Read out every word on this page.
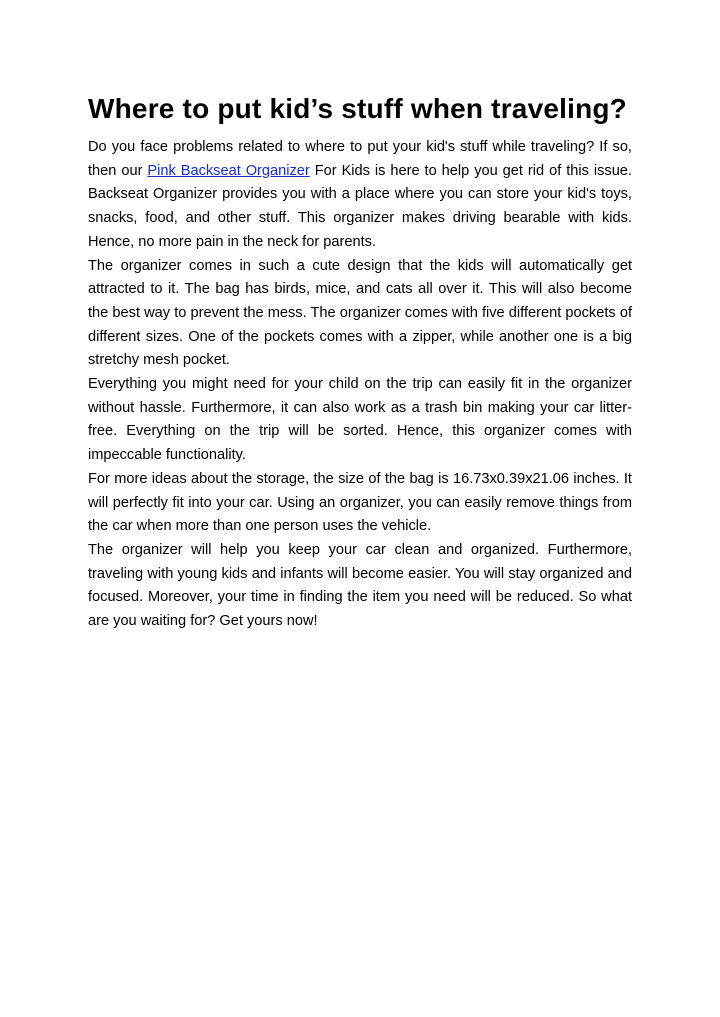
Where to put kid’s stuff when traveling?

Do you face problems related to where to put your kid's stuff while traveling? If so, then our Pink Backseat Organizer For Kids is here to help you get rid of this issue. Backseat Organizer provides you with a place where you can store your kid's toys, snacks, food, and other stuff. This organizer makes driving bearable with kids. Hence, no more pain in the neck for parents.

The organizer comes in such a cute design that the kids will automatically get attracted to it. The bag has birds, mice, and cats all over it. This will also become the best way to prevent the mess. The organizer comes with five different pockets of different sizes. One of the pockets comes with a zipper, while another one is a big stretchy mesh pocket.

Everything you might need for your child on the trip can easily fit in the organizer without hassle. Furthermore, it can also work as a trash bin making your car litter-free. Everything on the trip will be sorted. Hence, this organizer comes with impeccable functionality.

For more ideas about the storage, the size of the bag is 16.73x0.39x21.06 inches. It will perfectly fit into your car. Using an organizer, you can easily remove things from the car when more than one person uses the vehicle.

The organizer will help you keep your car clean and organized. Furthermore, traveling with young kids and infants will become easier. You will stay organized and focused. Moreover, your time in finding the item you need will be reduced. So what are you waiting for? Get yours now!
